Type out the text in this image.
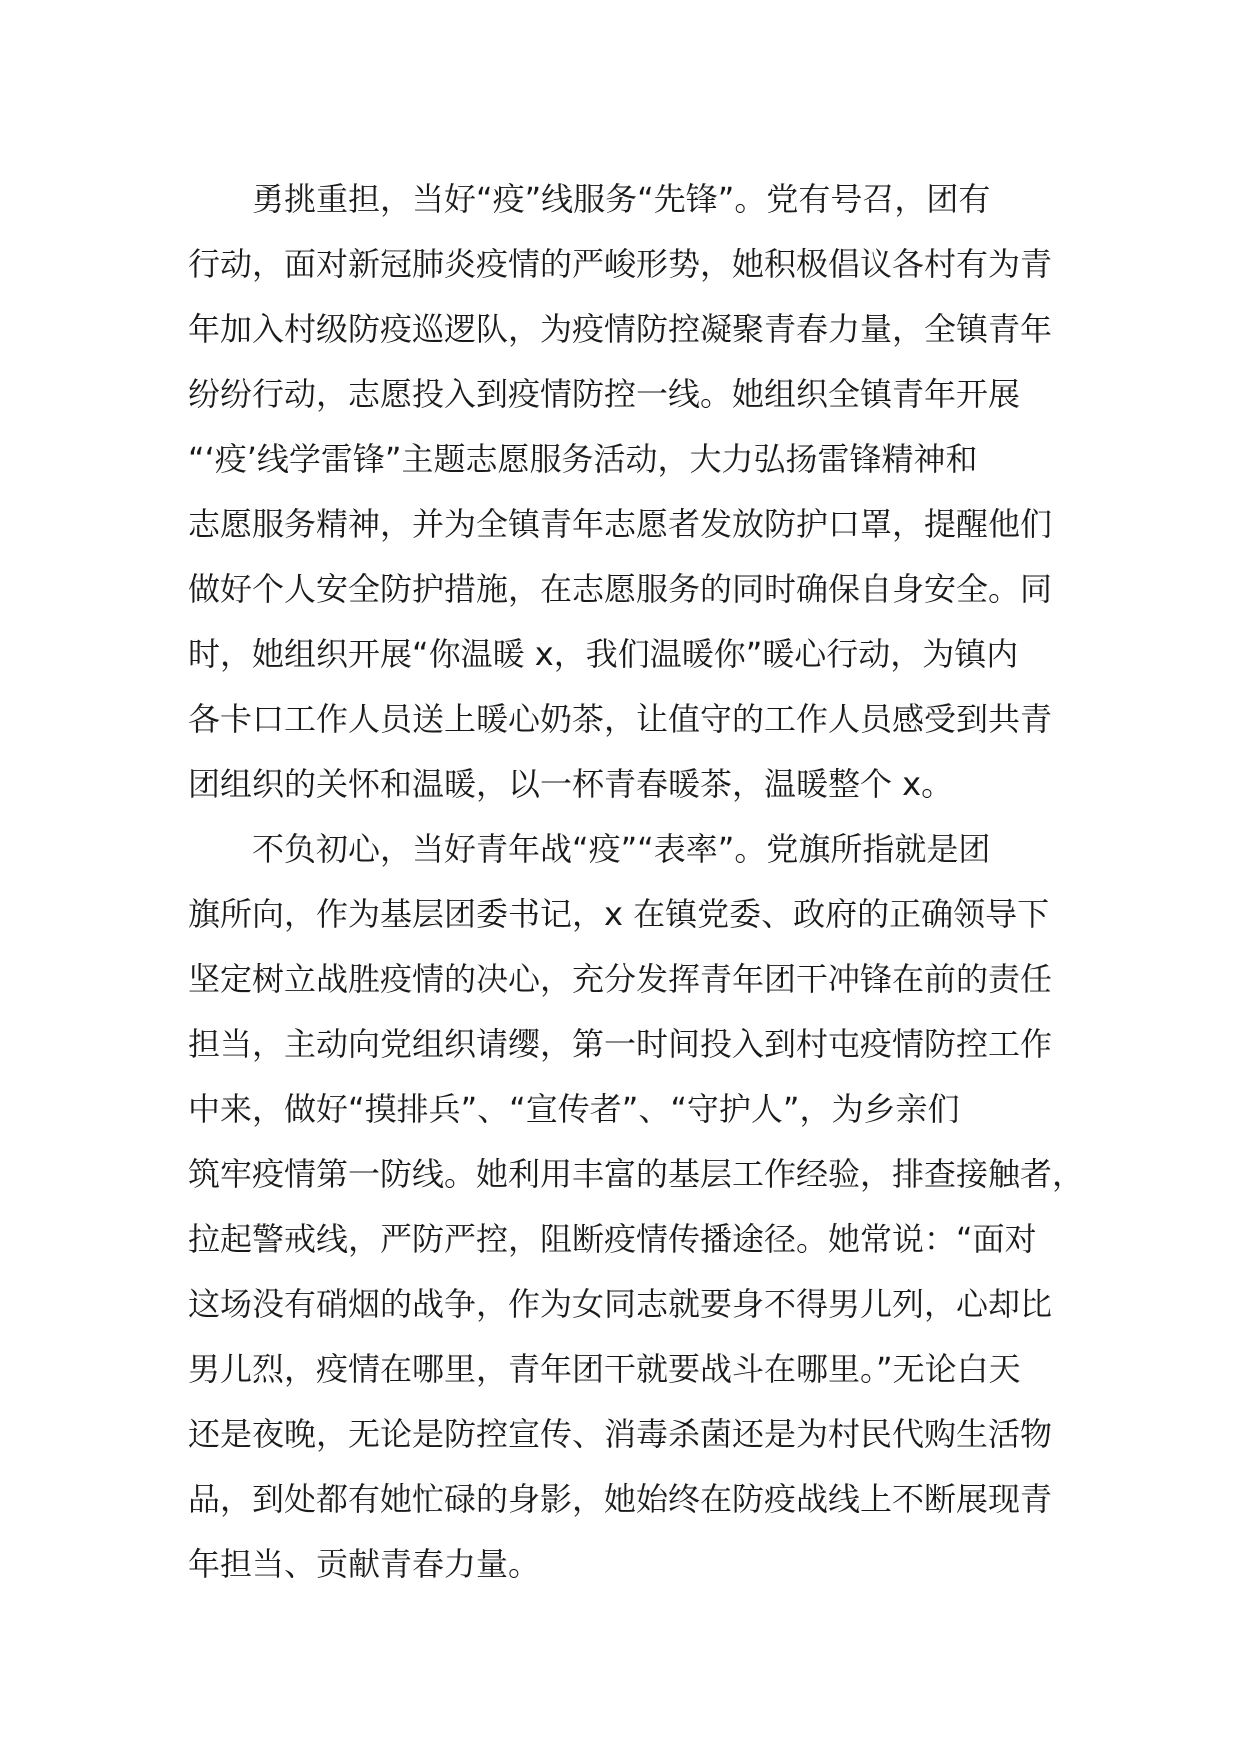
勇挑重担，当好“疫”线服务“先锋”。党有号召，团有
行动，面对新冠肺炎疫情的严峻形势，她积极倡议各村有为青
年加入村级防疫巡逻队，为疫情防控凝聚青春力量，全镇青年
纷纷行动，志愿投入到疫情防控一线。她组织全镇青年开展
“‘疫’线学雷锋”主题志愿服务活动，大力弘扬雷锋精神和
志愿服务精神，并为全镇青年志愿者发放防护口罩，提醒他们
做好个人安全防护措施，在志愿服务的同时确保自身安全。同
时，她组织开展“你温暖 x，我们温暖你”暖心行动，为镇内
各卡口工作人员送上暖心奶茶，让值守的工作人员感受到共青
团组织的关怀和温暖，以一杯青春暖茶，温暖整个 x。
不负初心，当好青年战“疫”“表率”。党旗所指就是团
旗所向，作为基层团委书记，x 在镇党委、政府的正确领导下
坚定树立战胜疫情的决心，充分发挥青年团干冲锋在前的责任
担当，主动向党组织请缨，第一时间投入到村屯疫情防控工作
中来，做好“摸排兵”、“宣传者”、“守护人”，为乡亲们
筑牢疫情第一防线。她利用丰富的基层工作经验，排查接触者，
拉起警戒线，严防严控，阻断疫情传播途径。她常说：“面对
这场没有硝烟的战争，作为女同志就要身不得男儿列，心却比
男儿烈，疫情在哪里，青年团干就要战斗在哪里。”无论白天
还是夜晚，无论是防控宣传、消毒杀菌还是为村民代购生活物
品，到处都有她忙碌的身影，她始终在防疫战线上不断展现青
年担当、贡献青春力量。
